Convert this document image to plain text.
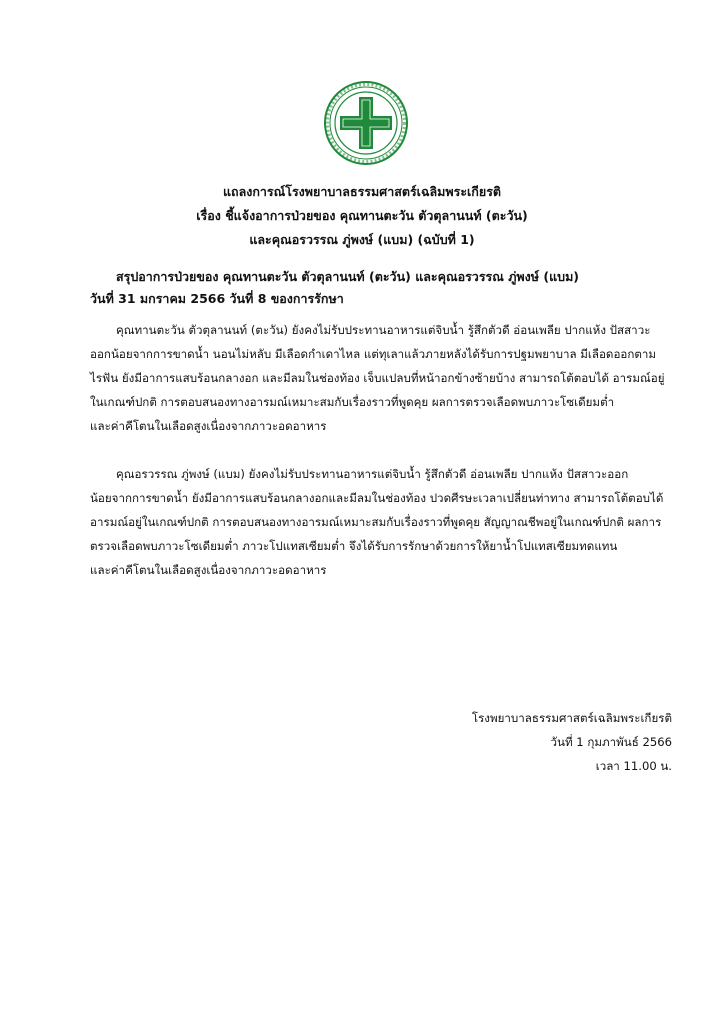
แถลงการณ์โรงพยาบาลธรรมศาสตร์เฉลิมพระเกียรติ
เรื่อง ชี้แจ้งอาการป่วยของ คุณทานตะวัน ตัวตุลานนท์ (ตะวัน)
และคุณอรวรรณ ภู่พงษ์ (แบม) (ฉบับที่ 1)
สรุปอาการป่วยของ คุณทานตะวัน ตัวตุลานนท์ (ตะวัน) และคุณอรวรรณ ภู่พงษ์ (แบม)
วันที่ 31 มกราคม 2566 วันที่ 8 ของการรักษา
คุณทานตะวัน ตัวตุลานนท์ (ตะวัน) ยังคงไม่รับประทานอาหารแต่จิบน้ำ รู้สึกตัวดี อ่อนเพลีย ปากแห้ง ปัสสาวะ
ออกน้อยจากการขาดน้ำ นอนไม่หลับ มีเลือดกำเดาไหล แต่ทุเลาแล้วภายหลังได้รับการปฐมพยาบาล มีเลือดออกตาม
ไรฟัน ยังมีอาการแสบร้อนกลางอก และมีลมในช่องท้อง เจ็บแปลบที่หน้าอกข้างซ้ายบ้าง สามารถโต้ตอบได้ อารมณ์อยู่
ในเกณฑ์ปกติ การตอบสนองทางอารมณ์เหมาะสมกับเรื่องราวที่พูดคุย ผลการตรวจเลือดพบภาวะโซเดียมต่ำ
และค่าคีโตนในเลือดสูงเนื่องจากภาวะอดอาหาร
คุณอรวรรณ ภู่พงษ์ (แบม) ยังคงไม่รับประทานอาหารแต่จิบน้ำ รู้สึกตัวดี อ่อนเพลีย ปากแห้ง ปัสสาวะออก
น้อยจากการขาดน้ำ ยังมีอาการแสบร้อนกลางอกและมีลมในช่องท้อง ปวดศีรษะเวลาเปลี่ยนท่าทาง สามารถโต้ตอบได้
อารมณ์อยู่ในเกณฑ์ปกติ การตอบสนองทางอารมณ์เหมาะสมกับเรื่องราวที่พูดคุย สัญญาณชีพอยู่ในเกณฑ์ปกติ ผลการ
ตรวจเลือดพบภาวะโซเดียมต่ำ ภาวะโปแทสเซียมต่ำ จึงได้รับการรักษาด้วยการให้ยาน้ำโปแทสเซียมทดแทน
และค่าคีโตนในเลือดสูงเนื่องจากภาวะอดอาหาร
โรงพยาบาลธรรมศาสตร์เฉลิมพระเกียรติ
วันที่ 1 กุมภาพันธ์ 2566
เวลา 11.00 น.
